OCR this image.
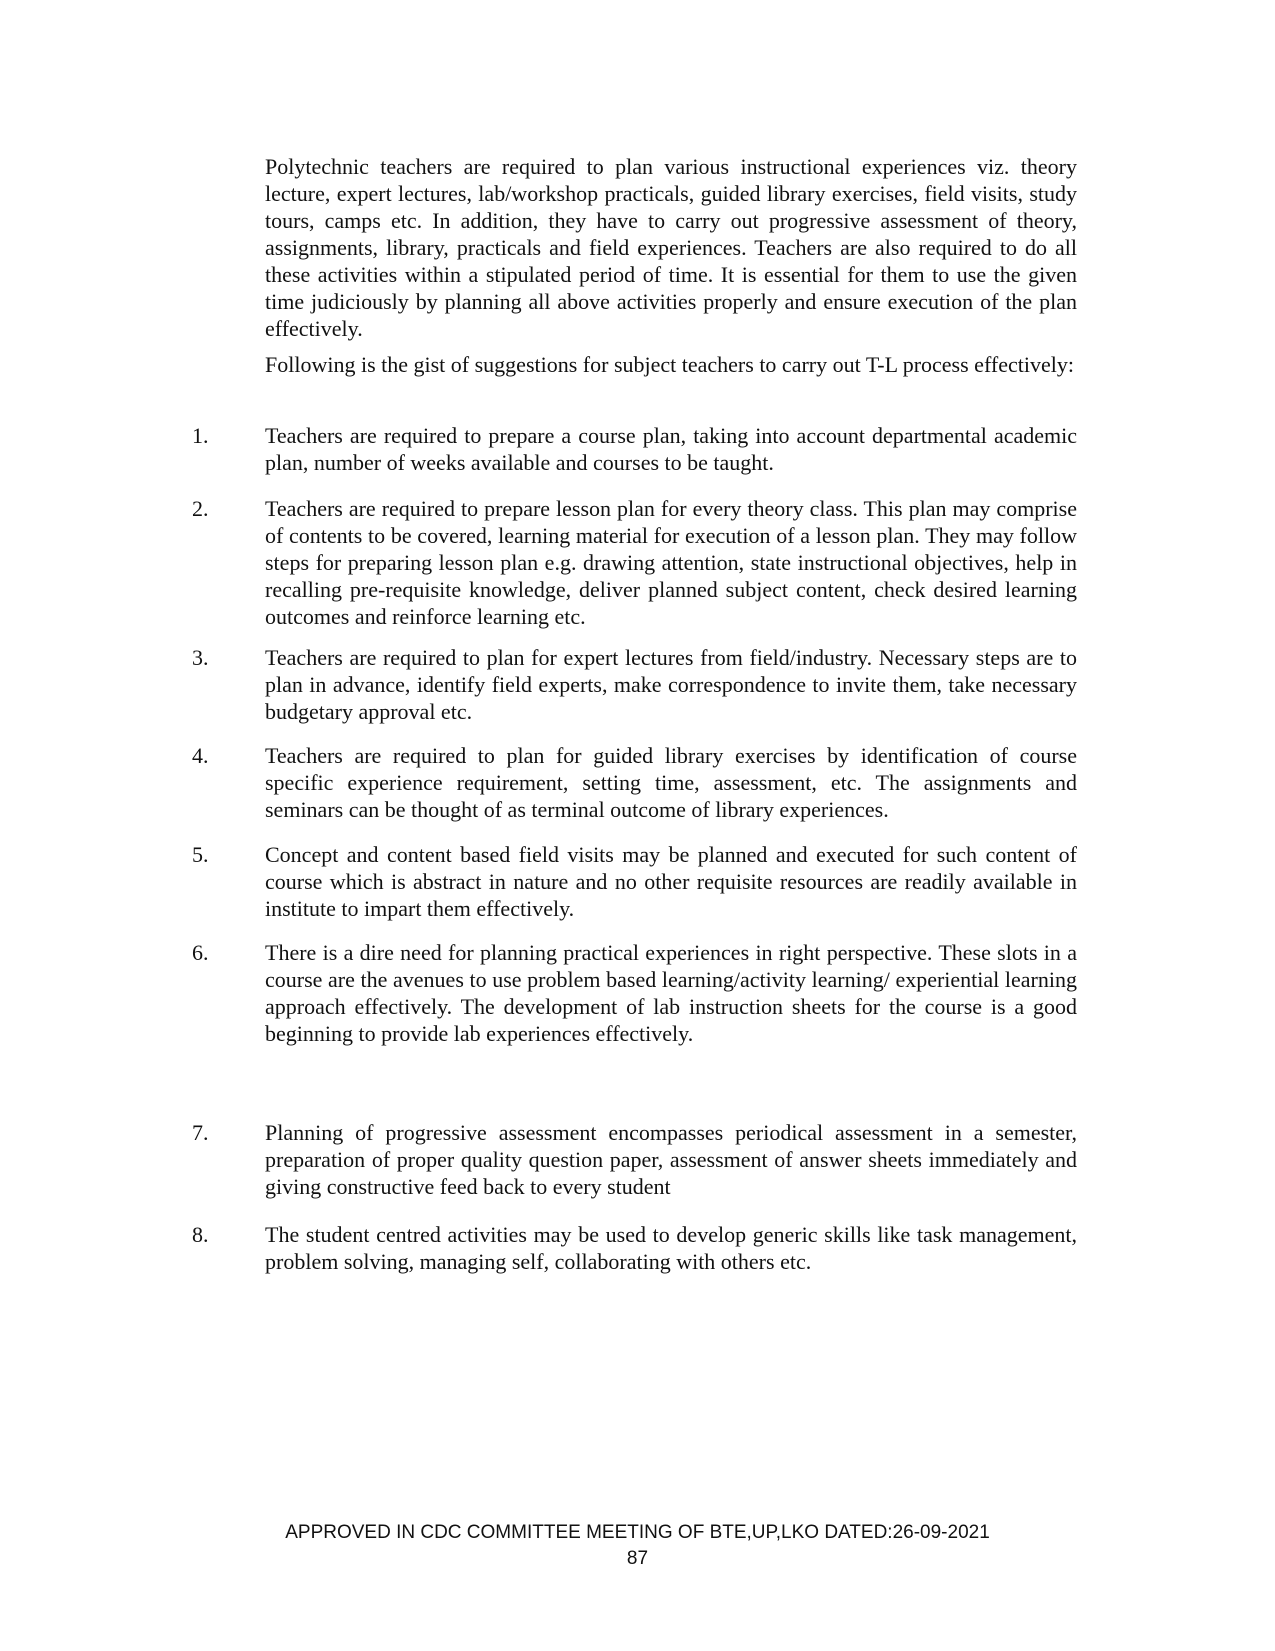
Polytechnic teachers are required to plan various instructional experiences viz. theory lecture, expert lectures, lab/workshop practicals, guided library exercises, field visits, study tours, camps etc. In addition, they have to carry out progressive assessment of theory, assignments, library, practicals and field experiences. Teachers are also required to do all these activities within a stipulated period of time. It is essential for them to use the given time judiciously by planning all above activities properly and ensure execution of the plan effectively.

Following is the gist of suggestions for subject teachers to carry out T-L process effectively:

1.	Teachers are required to prepare a course plan, taking into account departmental academic plan, number of weeks available and courses to be taught.

2.	Teachers are required to prepare lesson plan for every theory class. This plan may comprise of contents to be covered, learning material for execution of a lesson plan. They may follow steps for preparing lesson plan e.g. drawing attention, state instructional objectives, help in recalling pre-requisite knowledge, deliver planned subject content, check desired learning outcomes and reinforce learning etc.

3.	Teachers are required to plan for expert lectures from field/industry. Necessary steps are to plan in advance, identify field experts, make correspondence to invite them, take necessary budgetary approval etc.

4.	Teachers are required to plan for guided library exercises by identification of course specific experience requirement, setting time, assessment, etc. The assignments and seminars can be thought of as terminal outcome of library experiences.

5.	Concept and content based field visits may be planned and executed for such content of course which is abstract in nature and no other requisite resources are readily available in institute to impart them effectively.

6.	There is a dire need for planning practical experiences in right perspective. These slots in a course are the avenues to use problem based learning/activity learning/ experiential learning approach effectively. The development of lab instruction sheets for the course is a good beginning to provide lab experiences effectively.

7.	Planning of progressive assessment encompasses periodical assessment in a semester, preparation of proper quality question paper, assessment of answer sheets immediately and giving constructive feed back to every student

8.	The student centred activities may be used to develop generic skills like task management, problem solving, managing self, collaborating with others etc.

APPROVED IN CDC COMMITTEE MEETING OF BTE,UP,LKO DATED:26-09-2021
87
